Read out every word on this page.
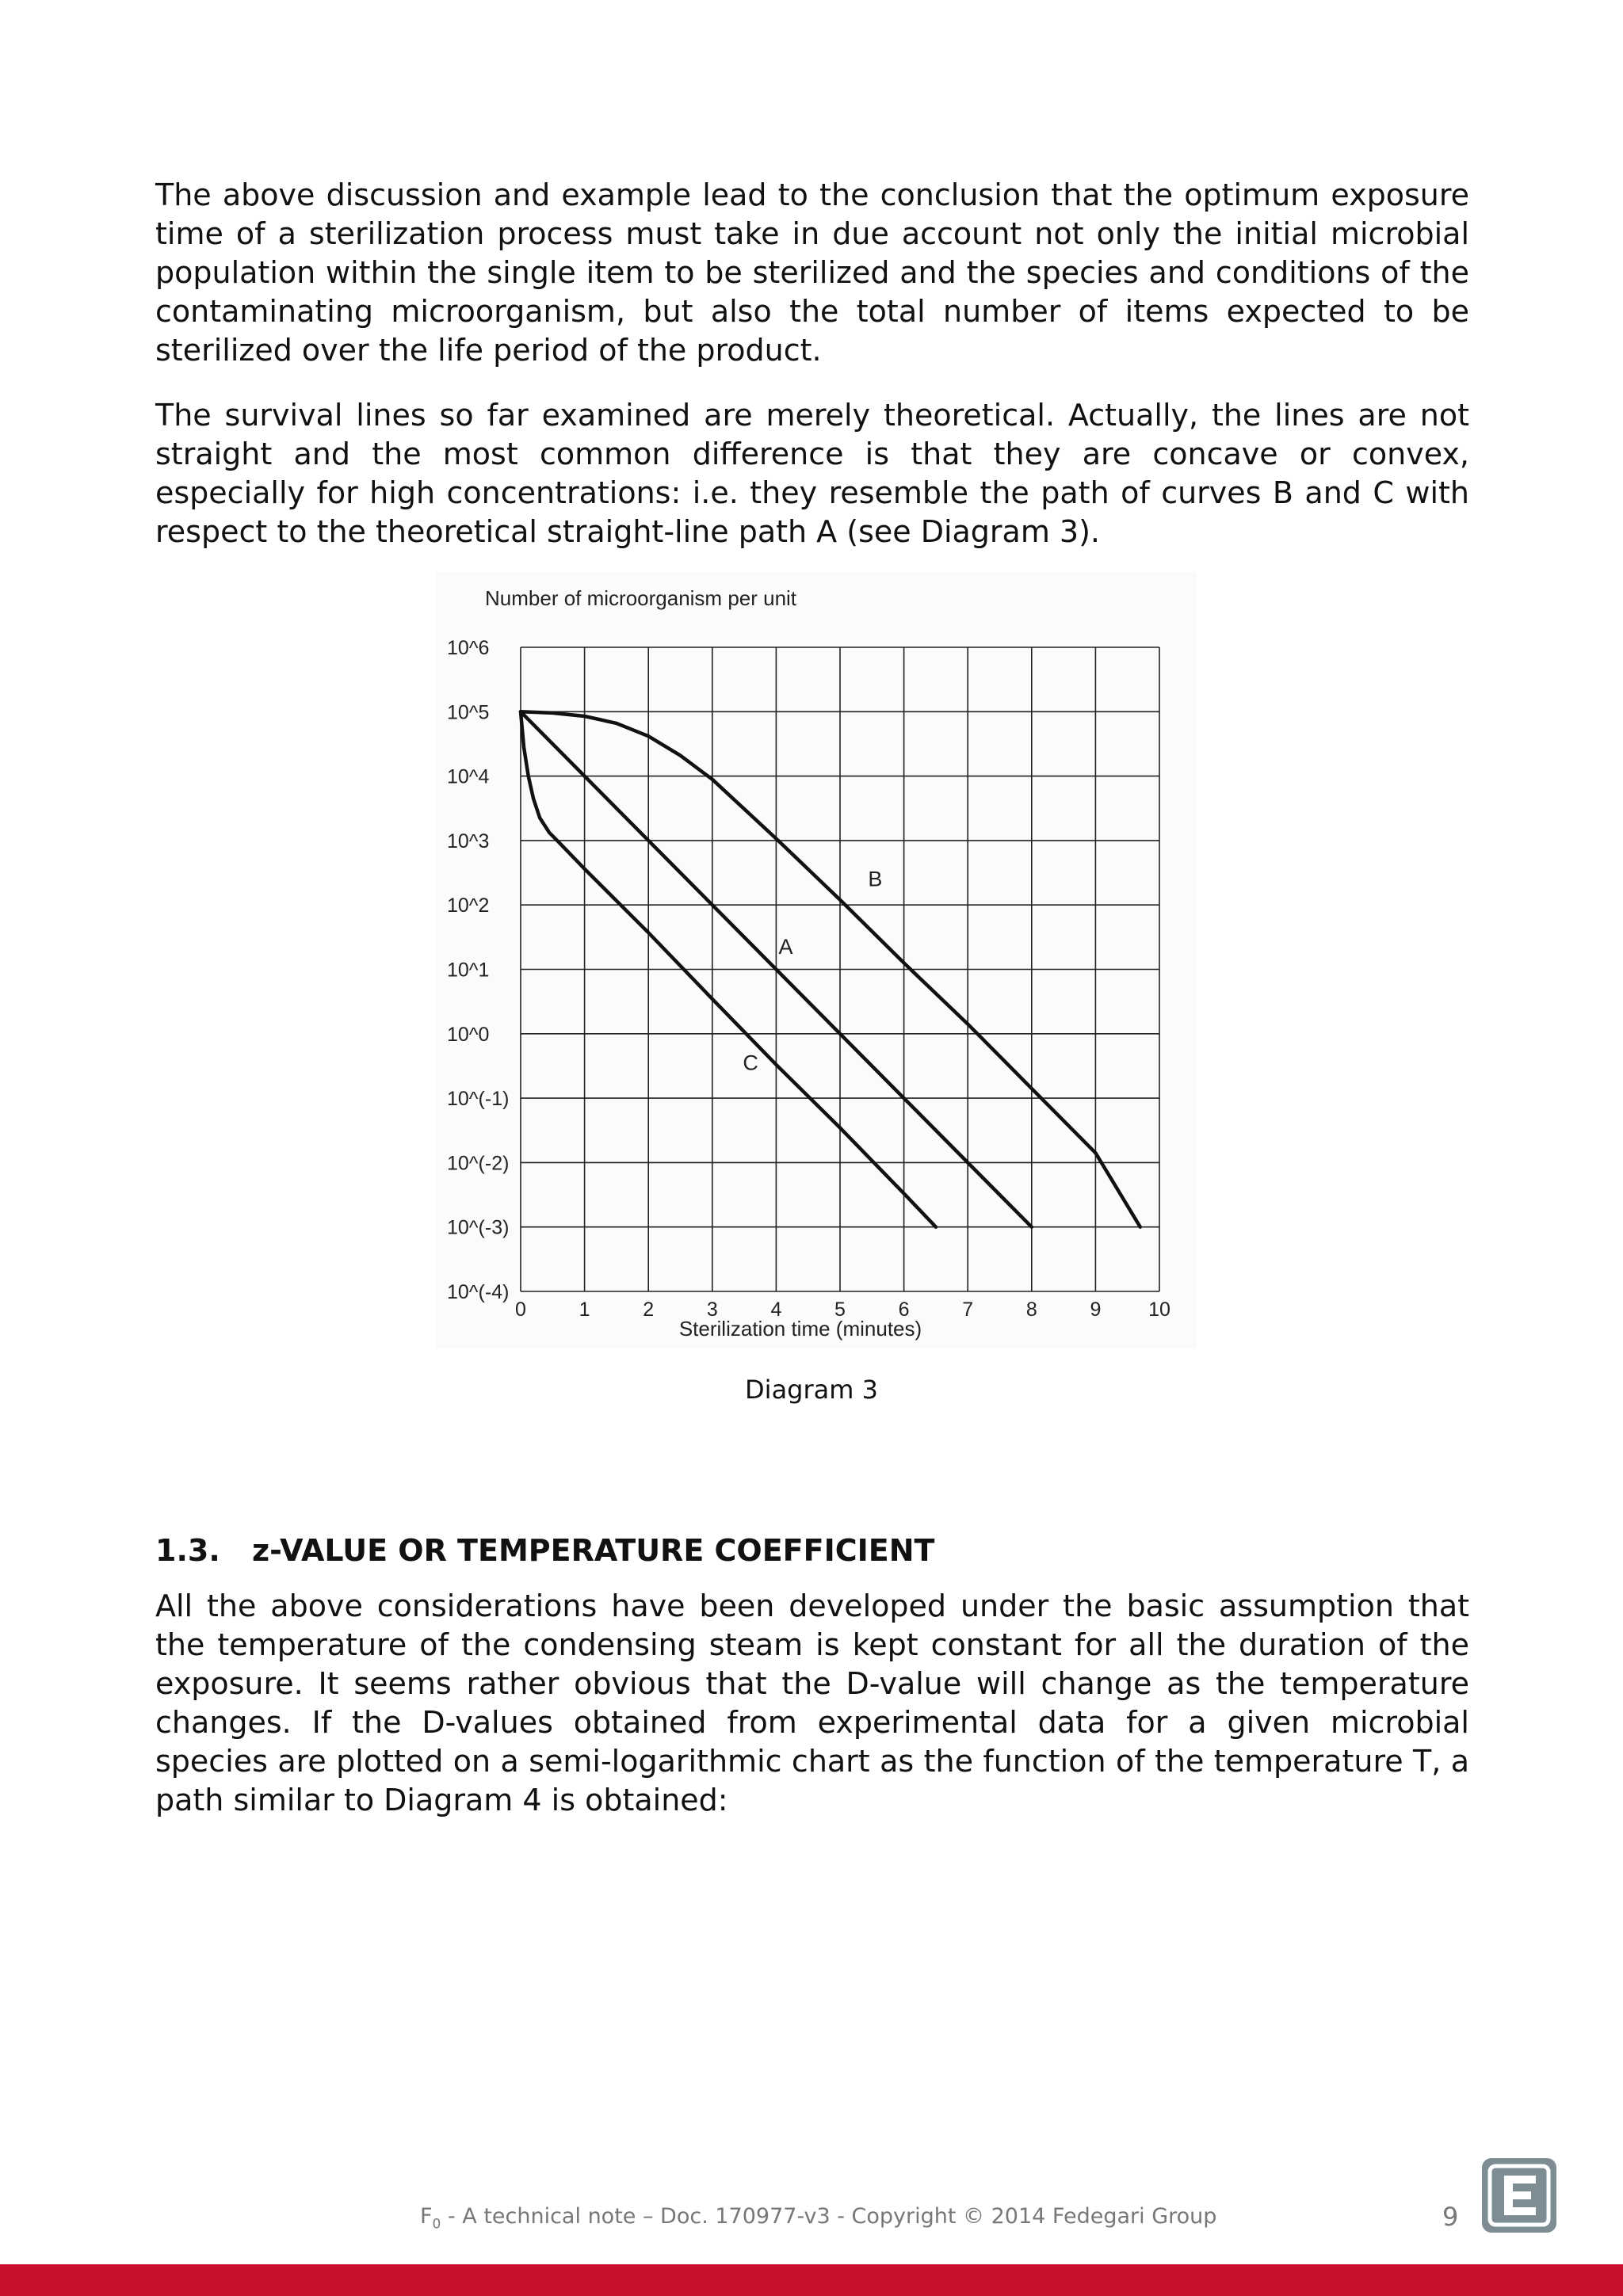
The above discussion and example lead to the conclusion that the optimum exposure time of a sterilization process must take in due account not only the initial microbial population within the single item to be sterilized and the species and conditions of the contaminating microorganism, but also the total number of items expected to be sterilized over the life period of the product.

The survival lines so far examined are merely theoretical. Actually, the lines are not straight and the most common difference is that they are concave or convex, especially for high concentrations: i.e. they resemble the path of curves B and C with respect to the theoretical straight-line path A (see Diagram 3).

A
B
C
0	1	2	3	4	5	6	7	8	9 10
10^(-4)
10^(-3)
10^(-2)
10^(-1)
10^0
10^1
10^2
10^3
10^4
10^5
10^6
Number of microorganism per unit
Sterilization time (minutes)
Diagram 3
1.3. z-VALUE OR TEMPERATURE COEFFICIENT

All the above considerations have been developed under the basic assumption that the temperature of the condensing steam is kept constant for all the duration of the exposure. It seems rather obvious that the D-value will change as the temperature changes. If the D-values obtained from experimental data for a given microbial species are plotted on a semi-logarithmic chart as the function of the temperature T, a path similar to Diagram 4 is obtained:

$F_0$ - A technical note – Doc. 170977-v3 - Copyright © 2014 Fedegari Group	9
